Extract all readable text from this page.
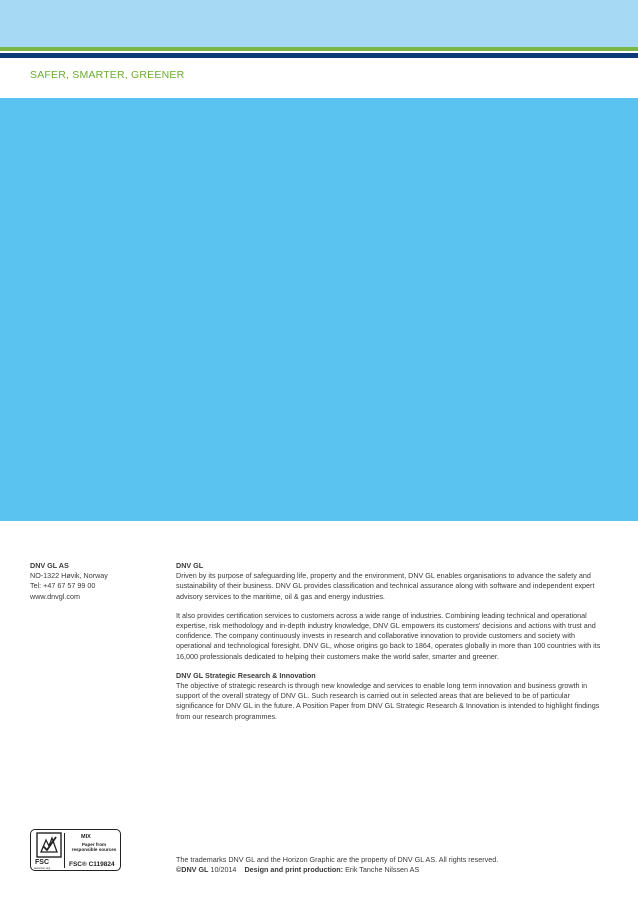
SAFER, SMARTER, GREENER
DNV GL AS
NO-1322 Høvik, Norway
Tel: +47 67 57 99 00
www.dnvgl.com
DNV GL

Driven by its purpose of safeguarding life, property and the environment, DNV GL enables organisations to advance the safety and sustainability of their business. DNV GL provides classification and technical assurance along with software and independent expert advisory services to the maritime, oil & gas and energy industries.

It also provides certification services to customers across a wide range of industries. Combining leading technical and operational expertise, risk methodology and in-depth industry knowledge, DNV GL empowers its customers' decisions and actions with trust and confidence. The company continuously invests in research and collaborative innovation to provide customers and society with operational and technological foresight. DNV GL, whose origins go back to 1864, operates globally in more than 100 countries with its 16,000 professionals dedicated to helping their customers make the world safer, smarter and greener.

DNV GL Strategic Research & Innovation

The objective of strategic research is through new knowledge and services to enable long term innovation and business growth in support of the overall strategy of DNV GL. Such research is carried out in selected areas that are believed to be of particular significance for DNV GL in the future. A Position Paper from DNV GL Strategic Research & Innovation is intended to highlight findings from our research programmes.

FSC
www.fsc.org
MIX
Paper from
responsible sources
FSC® C119824
The trademarks DNV GL and the Horizon Graphic are the property of DNV GL AS. All rights reserved.
©DNV GL 10/2014 Design and print production: Erik Tanche Nilssen AS
